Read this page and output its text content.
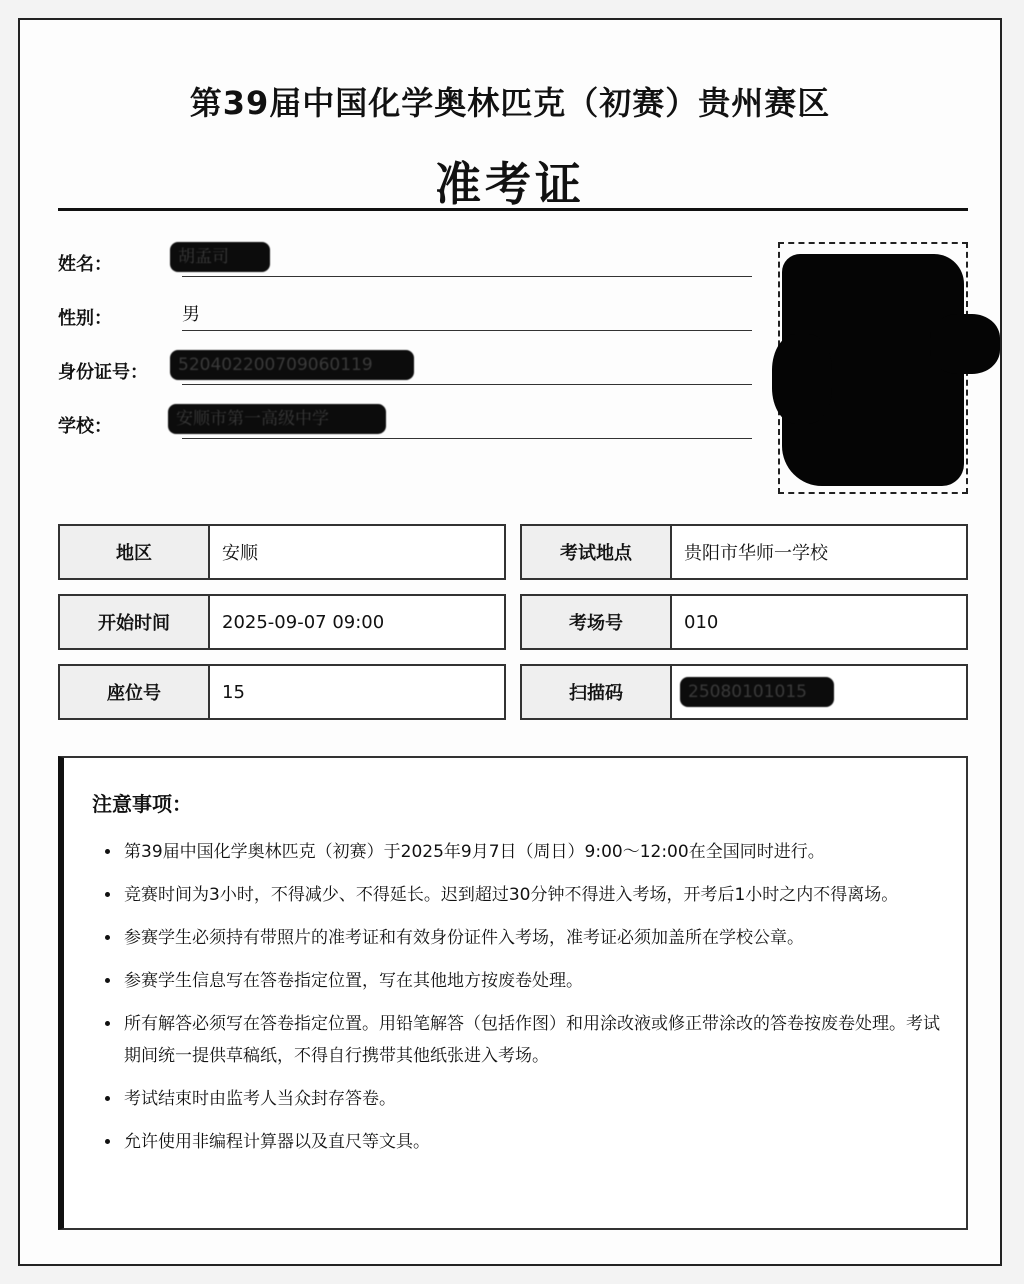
第39届中国化学奥林匹克（初赛）贵州赛区
准考证
姓名：	胡孟司
性别：	男
身份证号：	520402200709060119
学校：	安顺市第一高级中学
地区	安顺	考试地点	贵阳市华师一学校
开始时间	2025-09-07 09:00	考场号	010
座位号	15	扫描码	25080101015
注意事项：
• 第39届中国化学奥林匹克（初赛）于2025年9月7日（周日）9:00～12:00在全国同时进行。
• 竞赛时间为3小时，不得减少、不得延长。迟到超过30分钟不得进入考场，开考后1小时之内不得离场。
• 参赛学生必须持有带照片的准考证和有效身份证件入考场，准考证必须加盖所在学校公章。
• 参赛学生信息写在答卷指定位置，写在其他地方按废卷处理。
• 所有解答必须写在答卷指定位置。用铅笔解答（包括作图）和用涂改液或修正带涂改的答卷按废卷处理。考试期间统一提供草稿纸，不得自行携带其他纸张进入考场。
• 考试结束时由监考人当众封存答卷。
• 允许使用非编程计算器以及直尺等文具。
